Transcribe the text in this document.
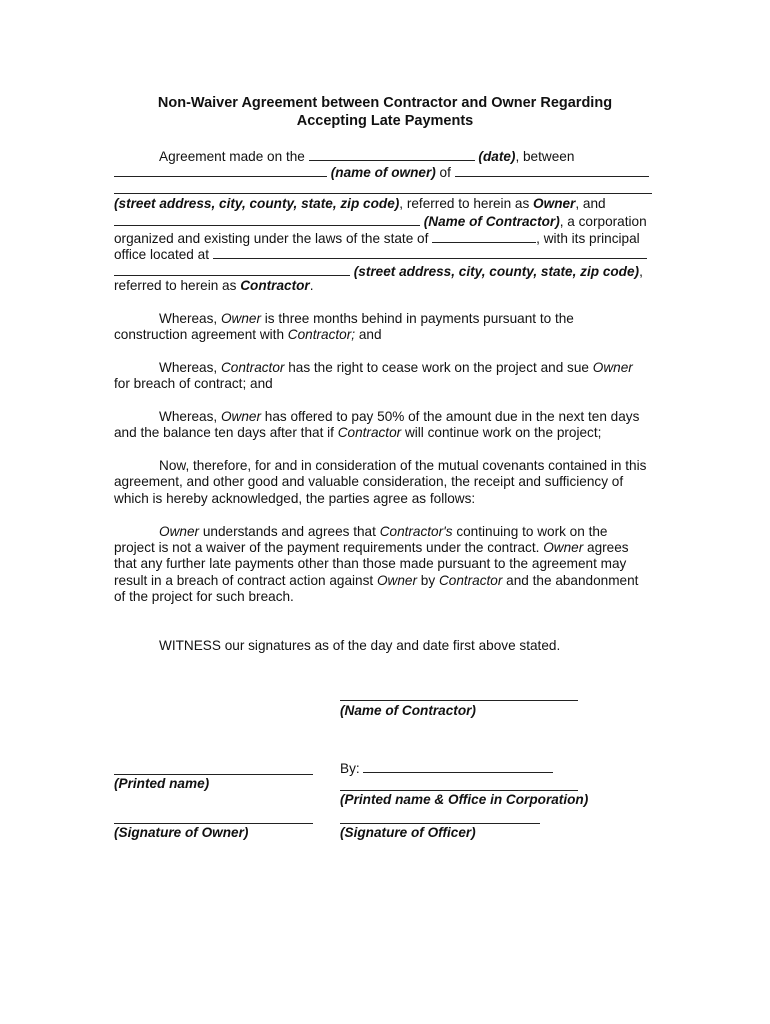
Non-Waiver Agreement between Contractor and Owner Regarding
Accepting Late Payments
Agreement made on the	(date), between
(name of owner) of
(street address, city, county, state, zip code), referred to herein as Owner, and
(Name of Contractor), a corporation
organized and existing under the laws of the state of	, with its principal
office located at
(street address, city, county, state, zip code),
referred to herein as Contractor.
Whereas, Owner is three months behind in payments pursuant to the
construction agreement with Contractor; and
Whereas, Contractor has the right to cease work on the project and sue Owner
for breach of contract; and
Whereas, Owner has offered to pay 50% of the amount due in the next ten days
and the balance ten days after that if Contractor will continue work on the project;
Now, therefore, for and in consideration of the mutual covenants contained in this
agreement, and other good and valuable consideration, the receipt and sufficiency of
which is hereby acknowledged, the parties agree as follows:
Owner understands and agrees that Contractor's continuing to work on the
project is not a waiver of the payment requirements under the contract. Owner agrees
that any further late payments other than those made pursuant to the agreement may
result in a breach of contract action against Owner by Contractor and the abandonment
of the project for such breach.
WITNESS our signatures as of the day and date first above stated.
(Name of Contractor)
By:
(Printed name)
(Printed name & Office in Corporation)
(Signature of Owner)	(Signature of Officer)
